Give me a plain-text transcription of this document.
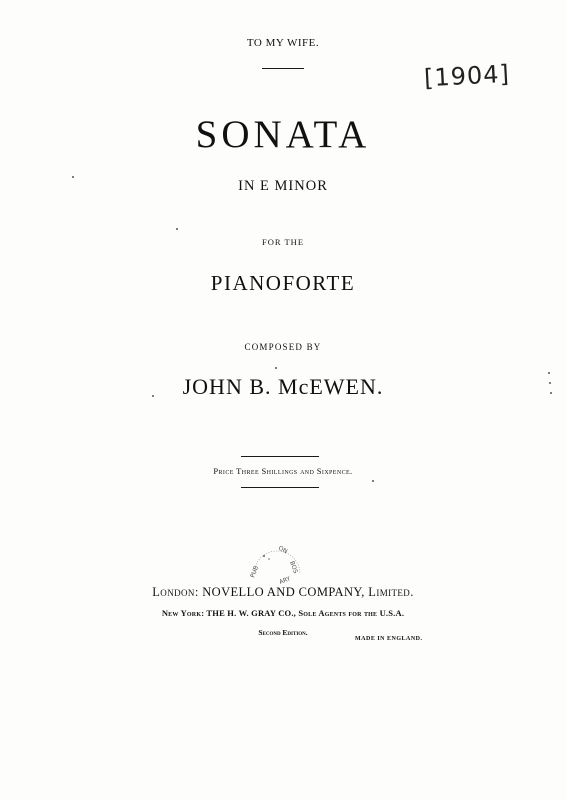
TO MY WIFE.
[1904]
SONATA
IN E MINOR
FOR THE
PIANOFORTE
COMPOSED BY
JOHN B. McEWEN.
Price Three Shillings and Sixpence.
ON
BOS
PUB
ARY
London: NOVELLO AND COMPANY, Limited.
New York: THE H. W. GRAY CO., Sole Agents for the U.S.A.
Second Edition.
MADE IN ENGLAND.
